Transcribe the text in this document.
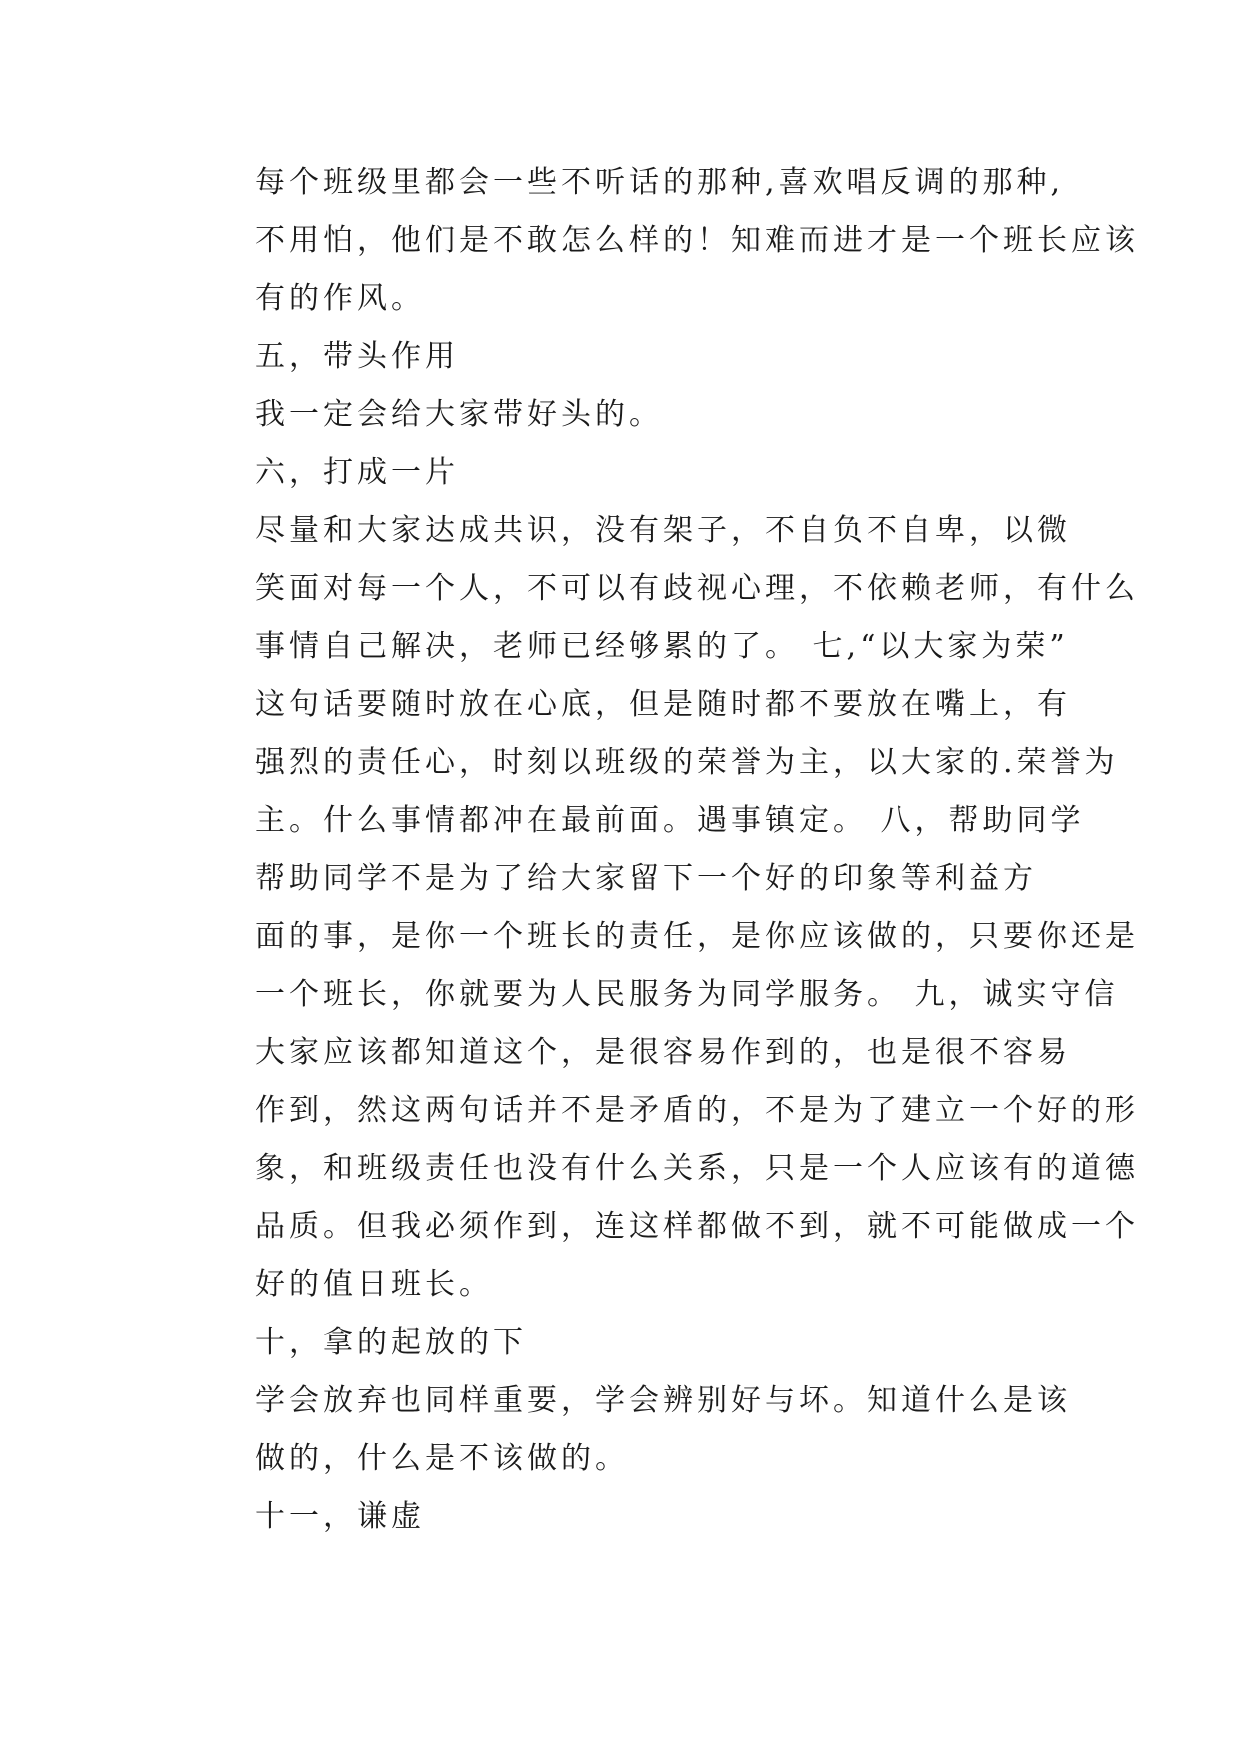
每个班级里都会一些不听话的那种,喜欢唱反调的那种,
不用怕，他们是不敢怎么样的！知难而进才是一个班长应该
有的作风。

五，带头作用

我一定会给大家带好头的。

六，打成一片

尽量和大家达成共识，没有架子，不自负不自卑，以微
笑面对每一个人，不可以有歧视心理，不依赖老师，有什么
事情自己解决，老师已经够累的了。 七,“以大家为荣”

这句话要随时放在心底，但是随时都不要放在嘴上，有
强烈的责任心，时刻以班级的荣誉为主，以大家的.荣誉为
主。什么事情都冲在最前面。遇事镇定。 八，帮助同学

帮助同学不是为了给大家留下一个好的印象等利益方
面的事，是你一个班长的责任，是你应该做的，只要你还是
一个班长，你就要为人民服务为同学服务。 九，诚实守信

大家应该都知道这个，是很容易作到的，也是很不容易
作到，然这两句话并不是矛盾的，不是为了建立一个好的形
象，和班级责任也没有什么关系，只是一个人应该有的道德
品质。但我必须作到，连这样都做不到，就不可能做成一个
好的值日班长。

十，拿的起放的下

学会放弃也同样重要，学会辨别好与坏。知道什么是该
做的，什么是不该做的。

十一，谦虚
